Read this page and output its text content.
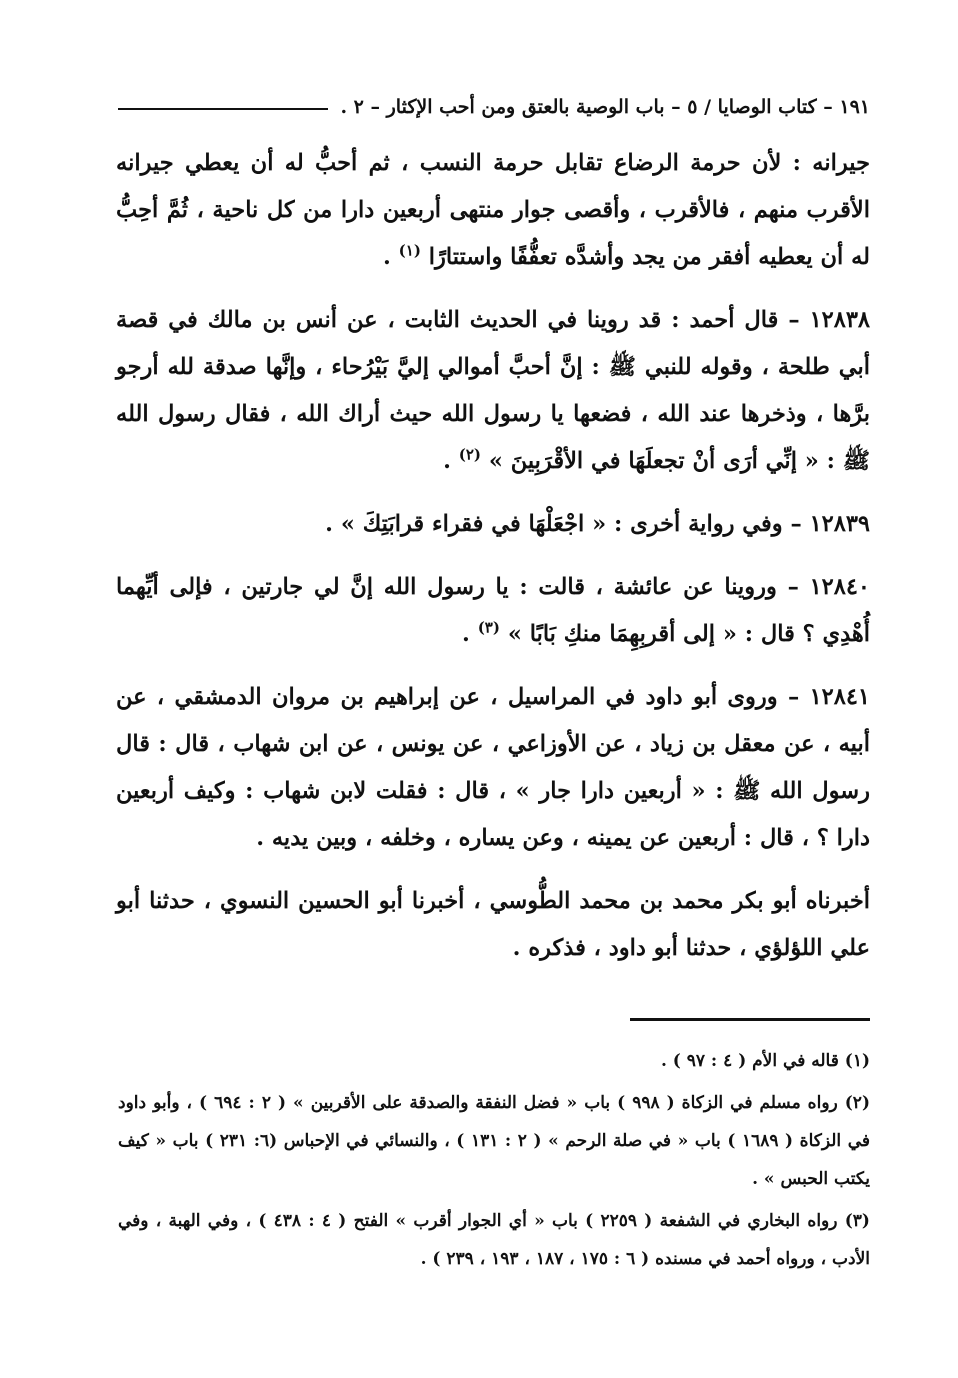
١٩١ – كتاب الوصايا / ٥ – باب الوصية بالعتق ومن أحب الإكثار – ٢ .

جيرانه : لأن حرمة الرضاع تقابل حرمة النسب ، ثم أحبُّ له أن يعطي جيرانه الأقرب منهم ، فالأقرب ، وأقصى جوار منتهى أربعين دارا من كل ناحية ، ثُمَّ أحِبُّ له أن يعطيه أفقر من يجد وأشدَّه تعفُّفًا واستتارًا $^{(١)}$ .

١٢٨٣٨ – قال أحمد : قد روينا في الحديث الثابت ، عن أنس بن مالك في قصة أبي طلحة ، وقوله للنبي ﷺ : إنَّ أحبَّ أموالي إليَّ بَيْرُحاء ، وإنَّها صدقة لله أرجو برَّها ، وذخرها عند الله ، فضعها يا رسول الله حيث أراك الله ، فقال رسول الله ﷺ : « إنِّي أرَى أنْ تجعلَهَا في الأقْرَبِينَ » $^{(٢)}$ .

١٢٨٣٩ – وفي رواية أخرى : « اجْعَلْهَا في فقراء قرابَتِكَ » .

١٢٨٤٠ – وروينا عن عائشة ، قالت : يا رسول الله إنَّ لي جارتين ، فإلى أيِّهما أُهْدِي ؟ قال : « إلى أقربِهِمَا منكِ بَابًا » $^{(٣)}$ .

١٢٨٤١ – وروى أبو داود في المراسيل ، عن إبراهيم بن مروان الدمشقي ، عن أبيه ، عن معقل بن زياد ، عن الأوزاعي ، عن يونس ، عن ابن شهاب ، قال : قال رسول الله ﷺ : « أربعين دارا جار » ، قال : فقلت لابن شهاب : وكيف أربعين دارا ؟ ، قال : أربعين عن يمينه ، وعن يساره ، وخلفه ، وبين يديه .

أخبرناه أبو بكر محمد بن محمد الطُّوسي ، أخبرنا أبو الحسين النسوي ، حدثنا أبو علي اللؤلؤي ، حدثنا أبو داود ، فذكره .

(١) قاله في الأم ( ٤ : ٩٧ ) .

(٢) رواه مسلم في الزكاة ( ٩٩٨ ) باب « فضل النفقة والصدقة على الأقربين » ( ٢ : ٦٩٤ ) ، وأبو داود في الزكاة ( ١٦٨٩ ) باب « في صلة الرحم » ( ٢ : ١٣١ ) ، والنسائي في الإحباس (٦: ٢٣١ ) باب « كيف يكتب الحبس » .

(٣) رواه البخاري في الشفعة ( ٢٢٥٩ ) باب « أي الجوار أقرب » الفتح ( ٤ : ٤٣٨ ) ، وفي الهبة ، وفي الأدب ، ورواه أحمد في مسنده ( ٦ : ١٧٥ ، ١٨٧ ، ١٩٣ ، ٢٣٩ ) .
